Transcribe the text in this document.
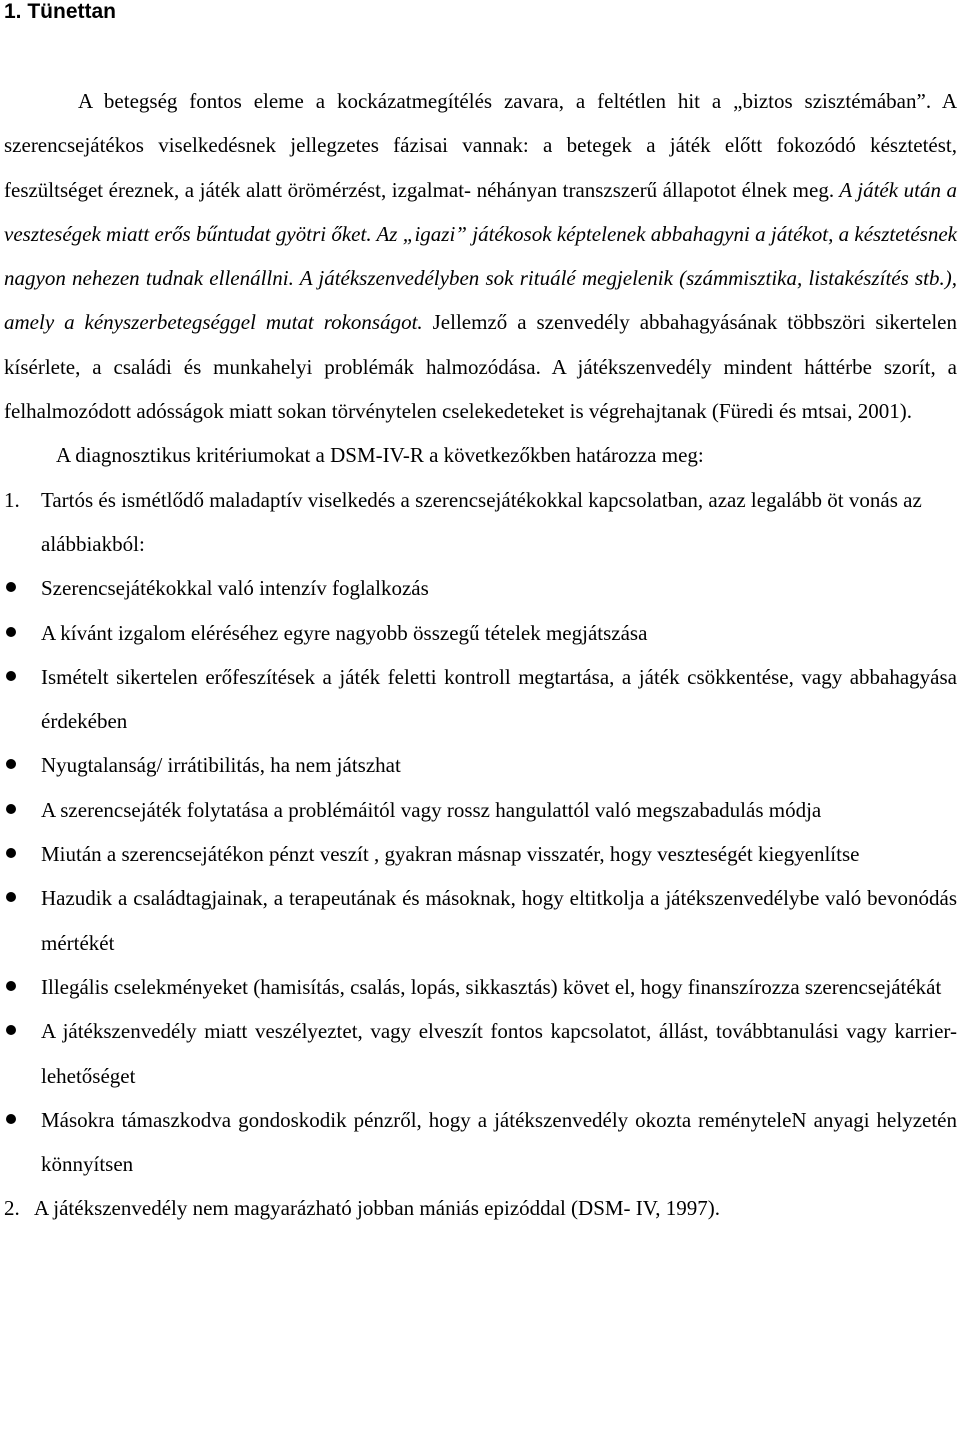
1. Tünettan

A betegség fontos eleme a kockázatmegítélés zavara, a feltétlen hit a „biztos szisztémában”. A szerencsejátékos viselkedésnek jellegzetes fázisai vannak: a betegek a játék előtt fokozódó késztetést, feszültséget éreznek, a játék alatt örömérzést, izgalmat- néhányan transzszerű állapotot élnek meg. A játék után a veszteségek miatt erős bűntudat gyötri őket. Az „igazi” játékosok képtelenek abbahagyni a játékot, a késztetésnek nagyon nehezen tudnak ellenállni. A játékszenvedélyben sok rituálé megjelenik (számmisztika, listakészítés stb.), amely a kényszerbetegséggel mutat rokonságot. Jellemző a szenvedély abbahagyásának többszöri sikertelen kísérlete, a családi és munkahelyi problémák halmozódása. A játékszenvedély mindent háttérbe szorít, a felhalmozódott adósságok miatt sokan törvénytelen cselekedeteket is végrehajtanak (Füredi és mtsai, 2001).

A diagnosztikus kritériumokat a DSM-IV-R a következőkben határozza meg:

1. Tartós és ismétlődő maladaptív viselkedés a szerencsejátékokkal kapcsolatban, azaz legalább öt vonás az alábbiakból:
Szerencsejátékokkal való intenzív foglalkozás
A kívánt izgalom eléréséhez egyre nagyobb összegű tételek megjátszása
Ismételt sikertelen erőfeszítések a játék feletti kontroll megtartása, a játék csökkentése, vagy abbahagyása érdekében
Nyugtalanság/ irrátibilitás, ha nem játszhat
A szerencsejáték folytatása a problémáitól vagy rossz hangulattól való megszabadulás módja
Miután a szerencsejátékon pénzt veszít , gyakran másnap visszatér, hogy veszteségét kiegyenlítse
Hazudik a családtagjainak, a terapeutának és másoknak, hogy eltitkolja a játékszenvedélybe való bevonódás mértékét
Illegális cselekményeket (hamisítás, csalás, lopás, sikkasztás) követ el, hogy finanszírozza szerencsejátékát
A játékszenvedély miatt veszélyeztet, vagy elveszít fontos kapcsolatot, állást, továbbtanulási vagy karrier- lehetőséget
Másokra támaszkodva gondoskodik pénzről, hogy a játékszenvedély okozta reményteleN anyagi helyzetén könnyítsen
2. A játékszenvedély nem magyarázható jobban mániás epizóddal (DSM- IV, 1997).
